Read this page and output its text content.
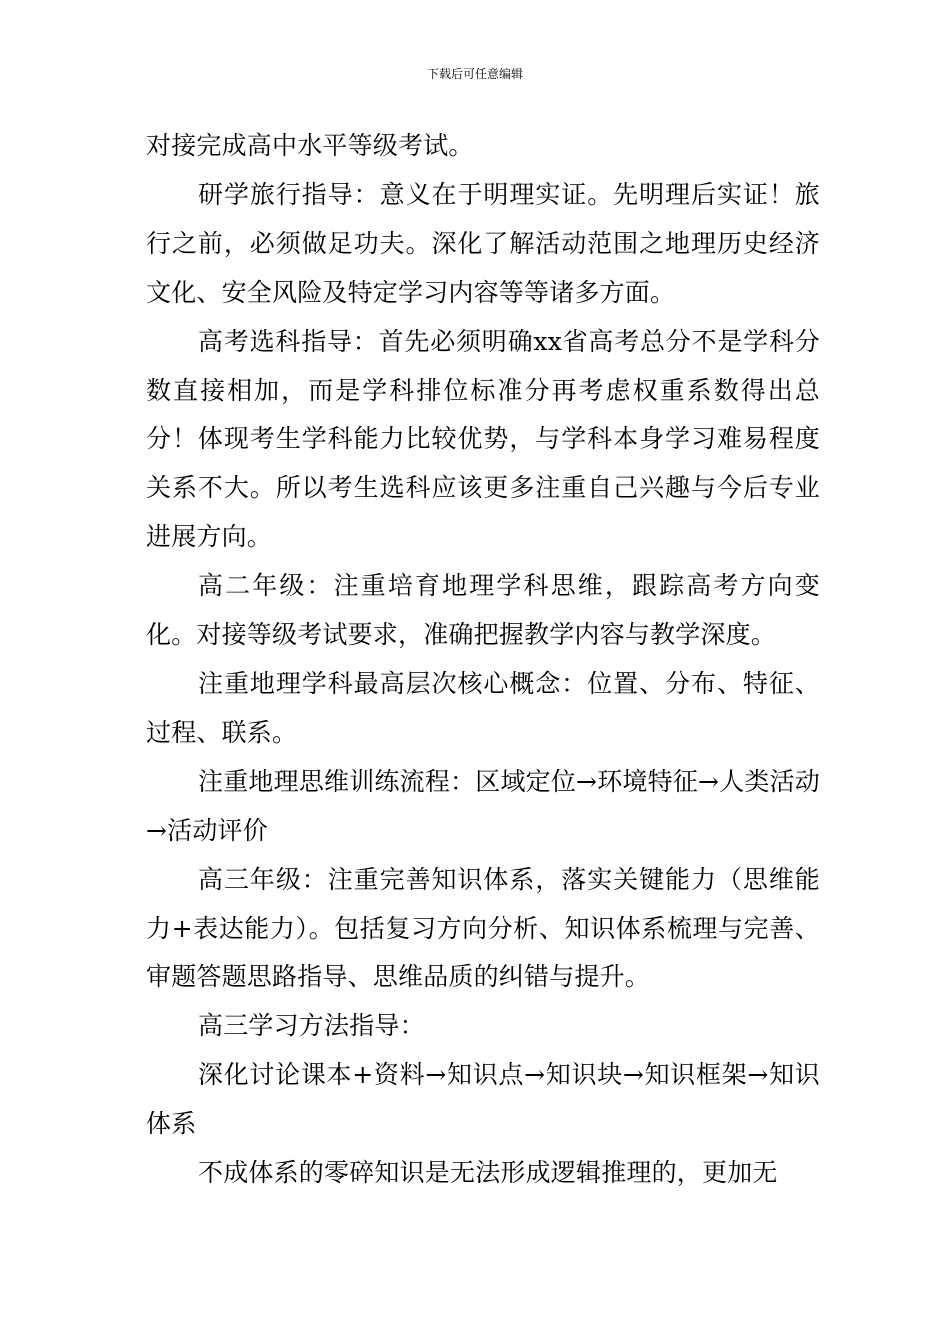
下载后可任意编辑

对接完成高中水平等级考试。

研学旅行指导：意义在于明理实证。先明理后实证！旅行之前，必须做足功夫。深化了解活动范围之地理历史经济文化、安全风险及特定学习内容等等诸多方面。

高考选科指导：首先必须明确xx省高考总分不是学科分数直接相加，而是学科排位标准分再考虑权重系数得出总分！体现考生学科能力比较优势，与学科本身学习难易程度关系不大。所以考生选科应该更多注重自己兴趣与今后专业进展方向。

高二年级：注重培育地理学科思维，跟踪高考方向变化。对接等级考试要求，准确把握教学内容与教学深度。

注重地理学科最高层次核心概念：位置、分布、特征、过程、联系。

注重地理思维训练流程：区域定位→环境特征→人类活动→活动评价

高三年级：注重完善知识体系，落实关键能力（思维能力+表达能力）。包括复习方向分析、知识体系梳理与完善、审题答题思路指导、思维品质的纠错与提升。

高三学习方法指导：

深化讨论课本+资料→知识点→知识块→知识框架→知识体系

不成体系的零碎知识是无法形成逻辑推理的，更加无
